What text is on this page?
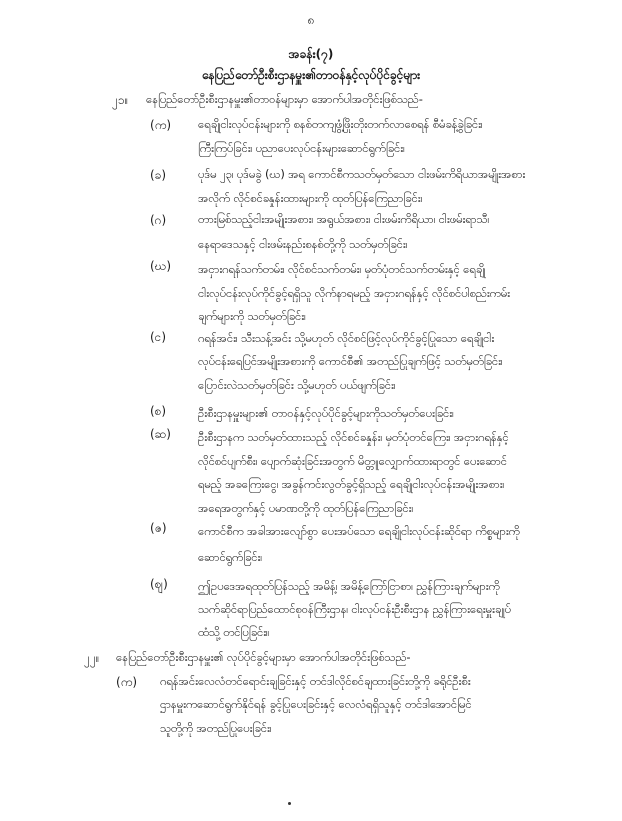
၈
အခန်း(၇)
နေပြည်တော်ဦးစီးဌာနမှူး၏တာဝန်နှင့်လုပ်ပိုင်ခွင့်များ
၂၁။ နေပြည်တော်ဦးစီးဌာနမှူး၏တာဝန်များမှာ အောက်ပါအတိုင်းဖြစ်သည်-
(က) ရေချိုငါးလုပ်ငန်းများကို စနစ်တကျဖွံ့ဖြိုးတိုးတက်လာစေရန် စီမံခန့်ခွဲခြင်း၊
ကြီးကြပ်ခြင်း၊ ပညာပေးလုပ်ငန်းများဆောင်ရွက်ခြင်း၊
(ခ)	ပုဒ်မ ၂၃၊ ပုဒ်မခွဲ (ဃ) အရ ကောင်စီကသတ်မှတ်သော ငါးဖမ်းကိရိယာအမျိုးအစား
အလိုက် လိုင်စင်ခနှုန်းထားများကို ထုတ်ပြန်ကြေညာခြင်း၊
(ဂ)	တားမြစ်သည့်ငါးအမျိုးအစား၊ အရွယ်အစား၊ ငါးဖမ်းကိရိယာ၊ ငါးဖမ်းရာသီ၊
နေရာဒေသနှင့် ငါးဖမ်းနည်းစနစ်တို့ကို သတ်မှတ်ခြင်း၊
(ဃ) အငှားဂရန်သက်တမ်း၊ လိုင်စင်သက်တမ်း၊ မှတ်ပုံတင်သက်တမ်းနှင့် ရေချို
ငါးလုပ်ငန်းလုပ်ကိုင်ခွင့်ရရှိသူ လိုက်နာရမည့် အငှားဂရန်နှင့် လိုင်စင်ပါစည်းကမ်း
ချက်များကို သတ်မှတ်ခြင်း၊
(င)	ဂရန်အင်း၊ သီးသန့်အင်း သို့မဟုတ် လိုင်စင်ဖြင့်လုပ်ကိုင်ခွင့်ပြုသော ရေချိုငါး
လုပ်ငန်းရေပြင်အမျိုးအစားကို ကောင်စီ၏ အတည်ပြုချက်ဖြင့် သတ်မှတ်ခြင်း၊
ပြောင်းလဲသတ်မှတ်ခြင်း သို့မဟုတ် ပယ်ဖျက်ခြင်း၊
(စ)	ဦးစီးဌာနမှူးများ၏ တာဝန်နှင့်လုပ်ပိုင်ခွင့်များကိုသတ်မှတ်ပေးခြင်း၊
(ဆ) ဦးစီးဌာနက သတ်မှတ်ထားသည့် လိုင်စင်ခနှုန်း၊ မှတ်ပုံတင်ကြေး၊ အငှားဂရန်နှင့်
လိုင်စင်ပျက်စီး၊ ပျောက်ဆုံးခြင်းအတွက် မိတ္တူလျှောက်ထားရာတွင် ပေးဆောင်
ရမည့် အခကြေးငွေ၊ အခွန်ကင်းလွတ်ခွင့်ရှိသည့် ရေချိုငါးလုပ်ငန်းအမျိုးအစား၊
အရေအတွက်နှင့် ပမာဏတို့ကို ထုတ်ပြန်ကြေညာခြင်း၊
(ဇ)	ကောင်စီက အခါအားလျော်စွာ ပေးအပ်သော ရေချိုငါးလုပ်ငန်းဆိုင်ရာ ကိစ္စများကို
ဆောင်ရွက်ခြင်း၊
(ဈ)	ဤဥပဒေအရထုတ်ပြန်သည့် အမိန့်၊ အမိန့်ကြော်ငြာစာ၊ ညွှန်ကြားချက်များကို
သက်ဆိုင်ရာပြည်ထောင်စုဝန်ကြီးဌာန၊ ငါးလုပ်ငန်းဦးစီးဌာန ညွှန်ကြားရေးမှူးချုပ်
ထံသို့ တင်ပြခြင်း။
၂၂။ နေပြည်တော်ဦးစီးဌာနမှူး၏ လုပ်ပိုင်ခွင့်များမှာ အောက်ပါအတိုင်းဖြစ်သည်-
(က) ဂရန်အင်းလေလံတင်ရောင်းချခြင်းနှင့် တင်ဒါလိုင်စင်ချထားခြင်းတို့ကို ခရိုင်ဦးစီး
ဌာနမှူးကဆောင်ရွက်နိုင်ရန် ခွင့်ပြုပေးခြင်းနှင့် လေလံရရှိသူနှင့် တင်ဒါအောင်မြင်
သူတို့ကို အတည်ပြုပေးခြင်း၊
